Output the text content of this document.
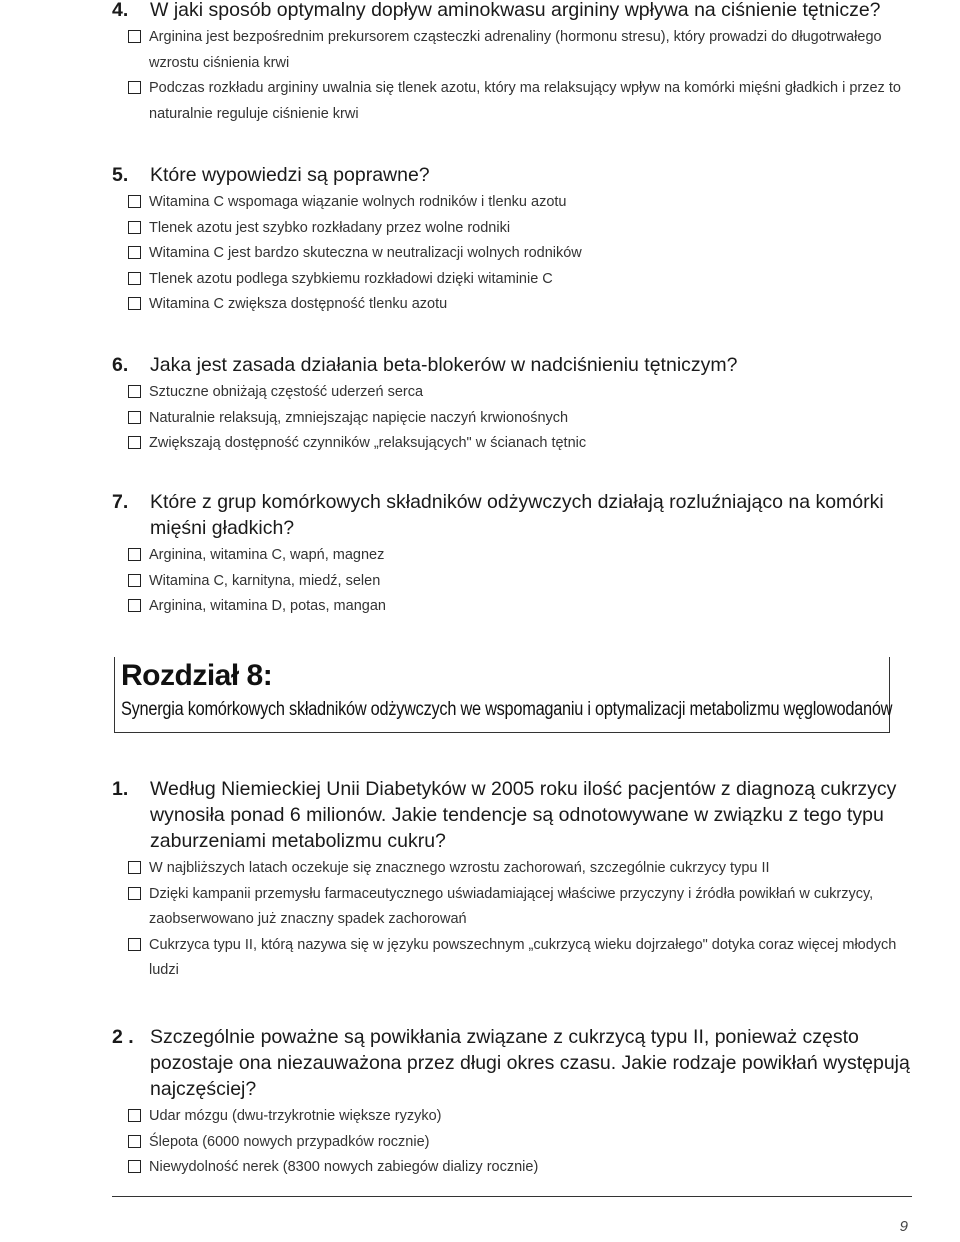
4.	W jaki sposób optymalny dopływ aminokwasu argininy wpływa na ciśnienie tętnicze?
Arginina jest bezpośrednim prekursorem cząsteczki adrenaliny (hormonu stresu), który prowadzi do długotrwałego wzrostu ciśnienia krwi
Podczas rozkładu argininy uwalnia się tlenek azotu, który ma relaksujący wpływ na komórki mięśni gładkich i przez to naturalnie reguluje ciśnienie krwi
5.	Które wypowiedzi są poprawne?
Witamina C wspomaga wiązanie wolnych rodników i tlenku azotu
Tlenek azotu jest szybko rozkładany przez wolne rodniki
Witamina C jest bardzo skuteczna w neutralizacji wolnych rodników
Tlenek azotu podlega szybkiemu rozkładowi dzięki witaminie C
Witamina C zwiększa dostępność tlenku azotu
6.	Jaka jest zasada działania beta-blokerów w nadciśnieniu tętniczym?
Sztuczne obniżają częstość uderzeń serca
Naturalnie relaksują, zmniejszając napięcie naczyń krwionośnych
Zwiększają dostępność czynników „relaksujących" w ścianach tętnic
7.	Które z grup komórkowych składników odżywczych działają rozluźniająco na komórki mięśni gładkich?
Arginina, witamina C, wapń, magnez
Witamina C, karnityna, miedź, selen
Arginina, witamina D, potas, mangan
Rozdział 8:
Synergia komórkowych składników odżywczych we wspomaganiu i optymalizacji metabolizmu węglowodanów
1.	Według Niemieckiej Unii Diabetyków w 2005 roku ilość pacjentów z diagnozą cukrzycy wynosiła ponad 6 milionów. Jakie tendencje są odnotowywane w związku z tego typu zaburzeniami metabolizmu cukru?
W najbliższych latach oczekuje się znacznego wzrostu zachorowań, szczególnie cukrzycy typu II
Dzięki kampanii przemysłu farmaceutycznego uświadamiającej właściwe przyczyny i źródła powikłań w cukrzycy, zaobserwowano już znaczny spadek zachorowań
Cukrzyca typu II, którą nazywa się w języku powszechnym „cukrzycą wieku dojrzałego" dotyka coraz więcej młodych ludzi
2 . Szczególnie poważne są powikłania związane z cukrzycą typu II, ponieważ często pozostaje ona niezauważona przez długi okres czasu. Jakie rodzaje powikłań występują najczęściej?
Udar mózgu (dwu-trzykrotnie większe ryzyko)
Ślepota (6000 nowych przypadków rocznie)
Niewydolność nerek (8300 nowych zabiegów dializy rocznie)
9
